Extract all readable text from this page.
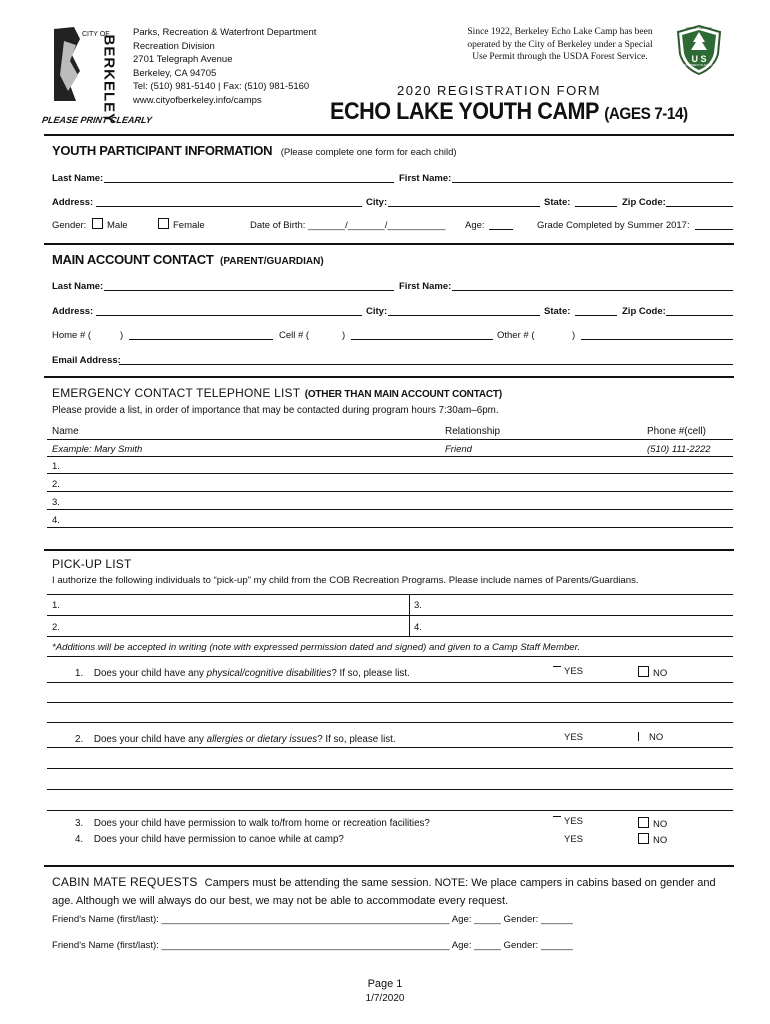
CITY OF
BERKELEY
Parks, Recreation & Waterfront Department
Recreation Division
2701 Telegraph Avenue
Berkeley, CA 94705
Tel: (510) 981-5140 | Fax: (510) 981-5160
www.cityofberkeley.info/camps
Since 1922, Berkeley Echo Lake Camp has been
operated by the City of Berkeley under a Special
Use Permit through the USDA Forest Service.	U S
FOREST SERVICE
DEPARTMENT OF AGRICULTURE
2020 REGISTRATION FORM
ECHO LAKE YOUTH CAMP (AGES 7-14)
PLEASE PRINT CLEARLY
YOUTH PARTICIPANT INFORMATION (Please complete one form for each child)
Last Name:	First Name:
Address:	City:	State:	Zip Code:
Gender:	Male	Female	Date of Birth: _______/_______/___________ Age:	Grade Completed by Summer 2017:
MAIN ACCOUNT CONTACT (PARENT/GUARDIAN)
Last Name:	First Name:
Address:	City:	State:	Zip Code:
Home # (	)	Cell # (	)	Other # (	)
Email Address:
EMERGENCY CONTACT TELEPHONE LIST (OTHER THAN MAIN ACCOUNT CONTACT)
Please provide a list, in order of importance that may be contacted during program hours 7:30am–6pm.
Name	Relationship	Phone #(cell)
Example: Mary Smith	Friend	(510) 111-2222
1.
2.
3.
4.
PICK-UP LIST
I authorize the following individuals to “pick-up” my child from the COB Recreation Programs. Please include names of Parents/Guardians.
1.	3.
2.	4.
*Additions will be accepted in writing (note with expressed permission dated and signed) and given to a Camp Staff Member.
1. Does your child have any physical/cognitive disabilities? If so, please list.	YES	NO
2. Does your child have any allergies or dietary issues? If so, please list.	YES	NO
3. Does your child have permission to walk to/from home or recreation facilities?	YES	NO
4. Does your child have permission to canoe while at camp?	YES	NO
CABIN MATE REQUESTS Campers must be attending the same session. NOTE: We place campers in cabins based on gender and age. Although we will always do our best, we may not be able to accommodate every request.
Friend's Name (first/last): ______________________________________________________ Age: _____ Gender: ______
Friend's Name (first/last): ______________________________________________________ Age: _____ Gender: ______
Page 1
1/7/2020
